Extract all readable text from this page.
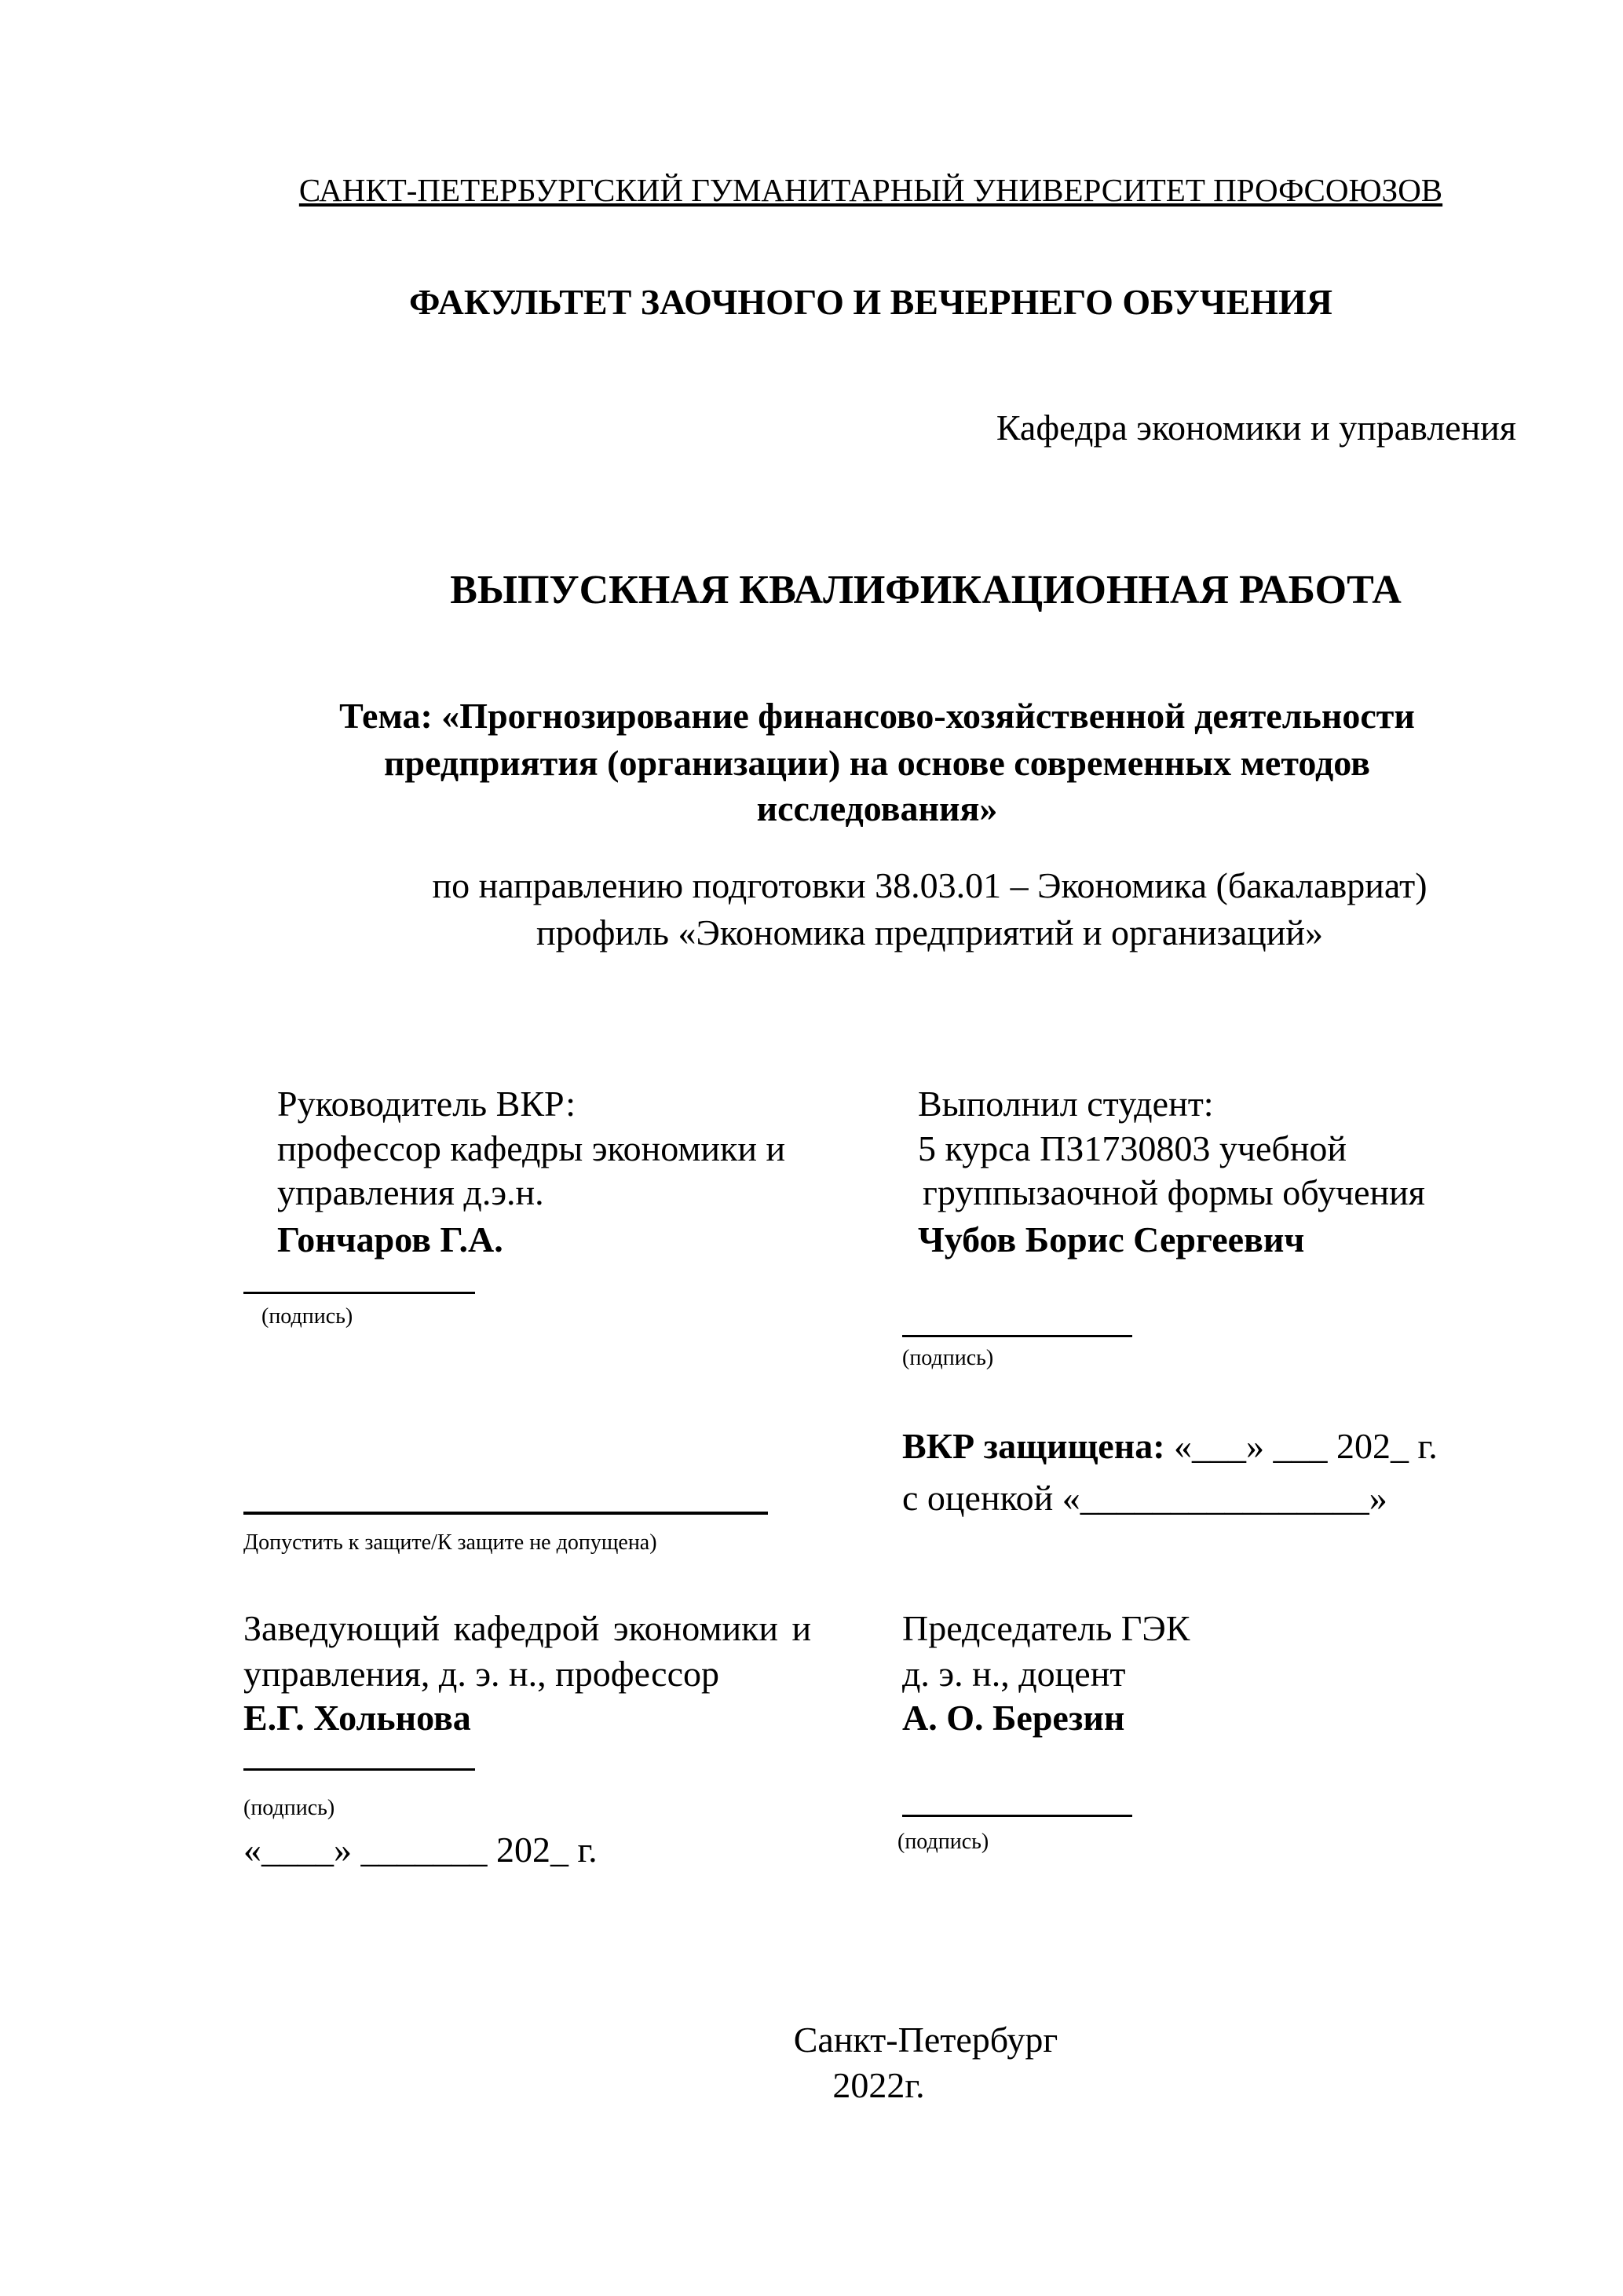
САНКТ-ПЕТЕРБУРГСКИЙ ГУМАНИТАРНЫЙ УНИВЕРСИТЕТ ПРОФСОЮЗОВ
ФАКУЛЬТЕТ ЗАОЧНОГО И ВЕЧЕРНЕГО ОБУЧЕНИЯ
Кафедра экономики и управления
ВЫПУСКНАЯ КВАЛИФИКАЦИОННАЯ РАБОТА
Тема: «Прогнозирование финансово-хозяйственной деятельности
предприятия (организации) на основе современных методов
исследования»
по направлению подготовки 38.03.01 – Экономика (бакалавриат)
профиль «Экономика предприятий и организаций»
Руководитель ВКР:
профессор кафедры экономики и
управления д.э.н.
Гончаров Г.А.
(подпись)
Выполнил студент:
5 курса ПЗ1730803 учебной
группызаочной формы обучения
Чубов Борис Сергеевич
(подпись)
ВКР защищена: «___» ___ 202_ г.
с оценкой «________________»
Допустить к защите/К защите не допущена)
Заведующий кафедрой экономики и
управления, д. э. н., профессор
Е.Г. Хольнова
(подпись)
«____» _______ 202_ г.
Председатель ГЭК
д. э. н., доцент
А. О. Березин
(подпись)
Санкт-Петербург
2022г.
